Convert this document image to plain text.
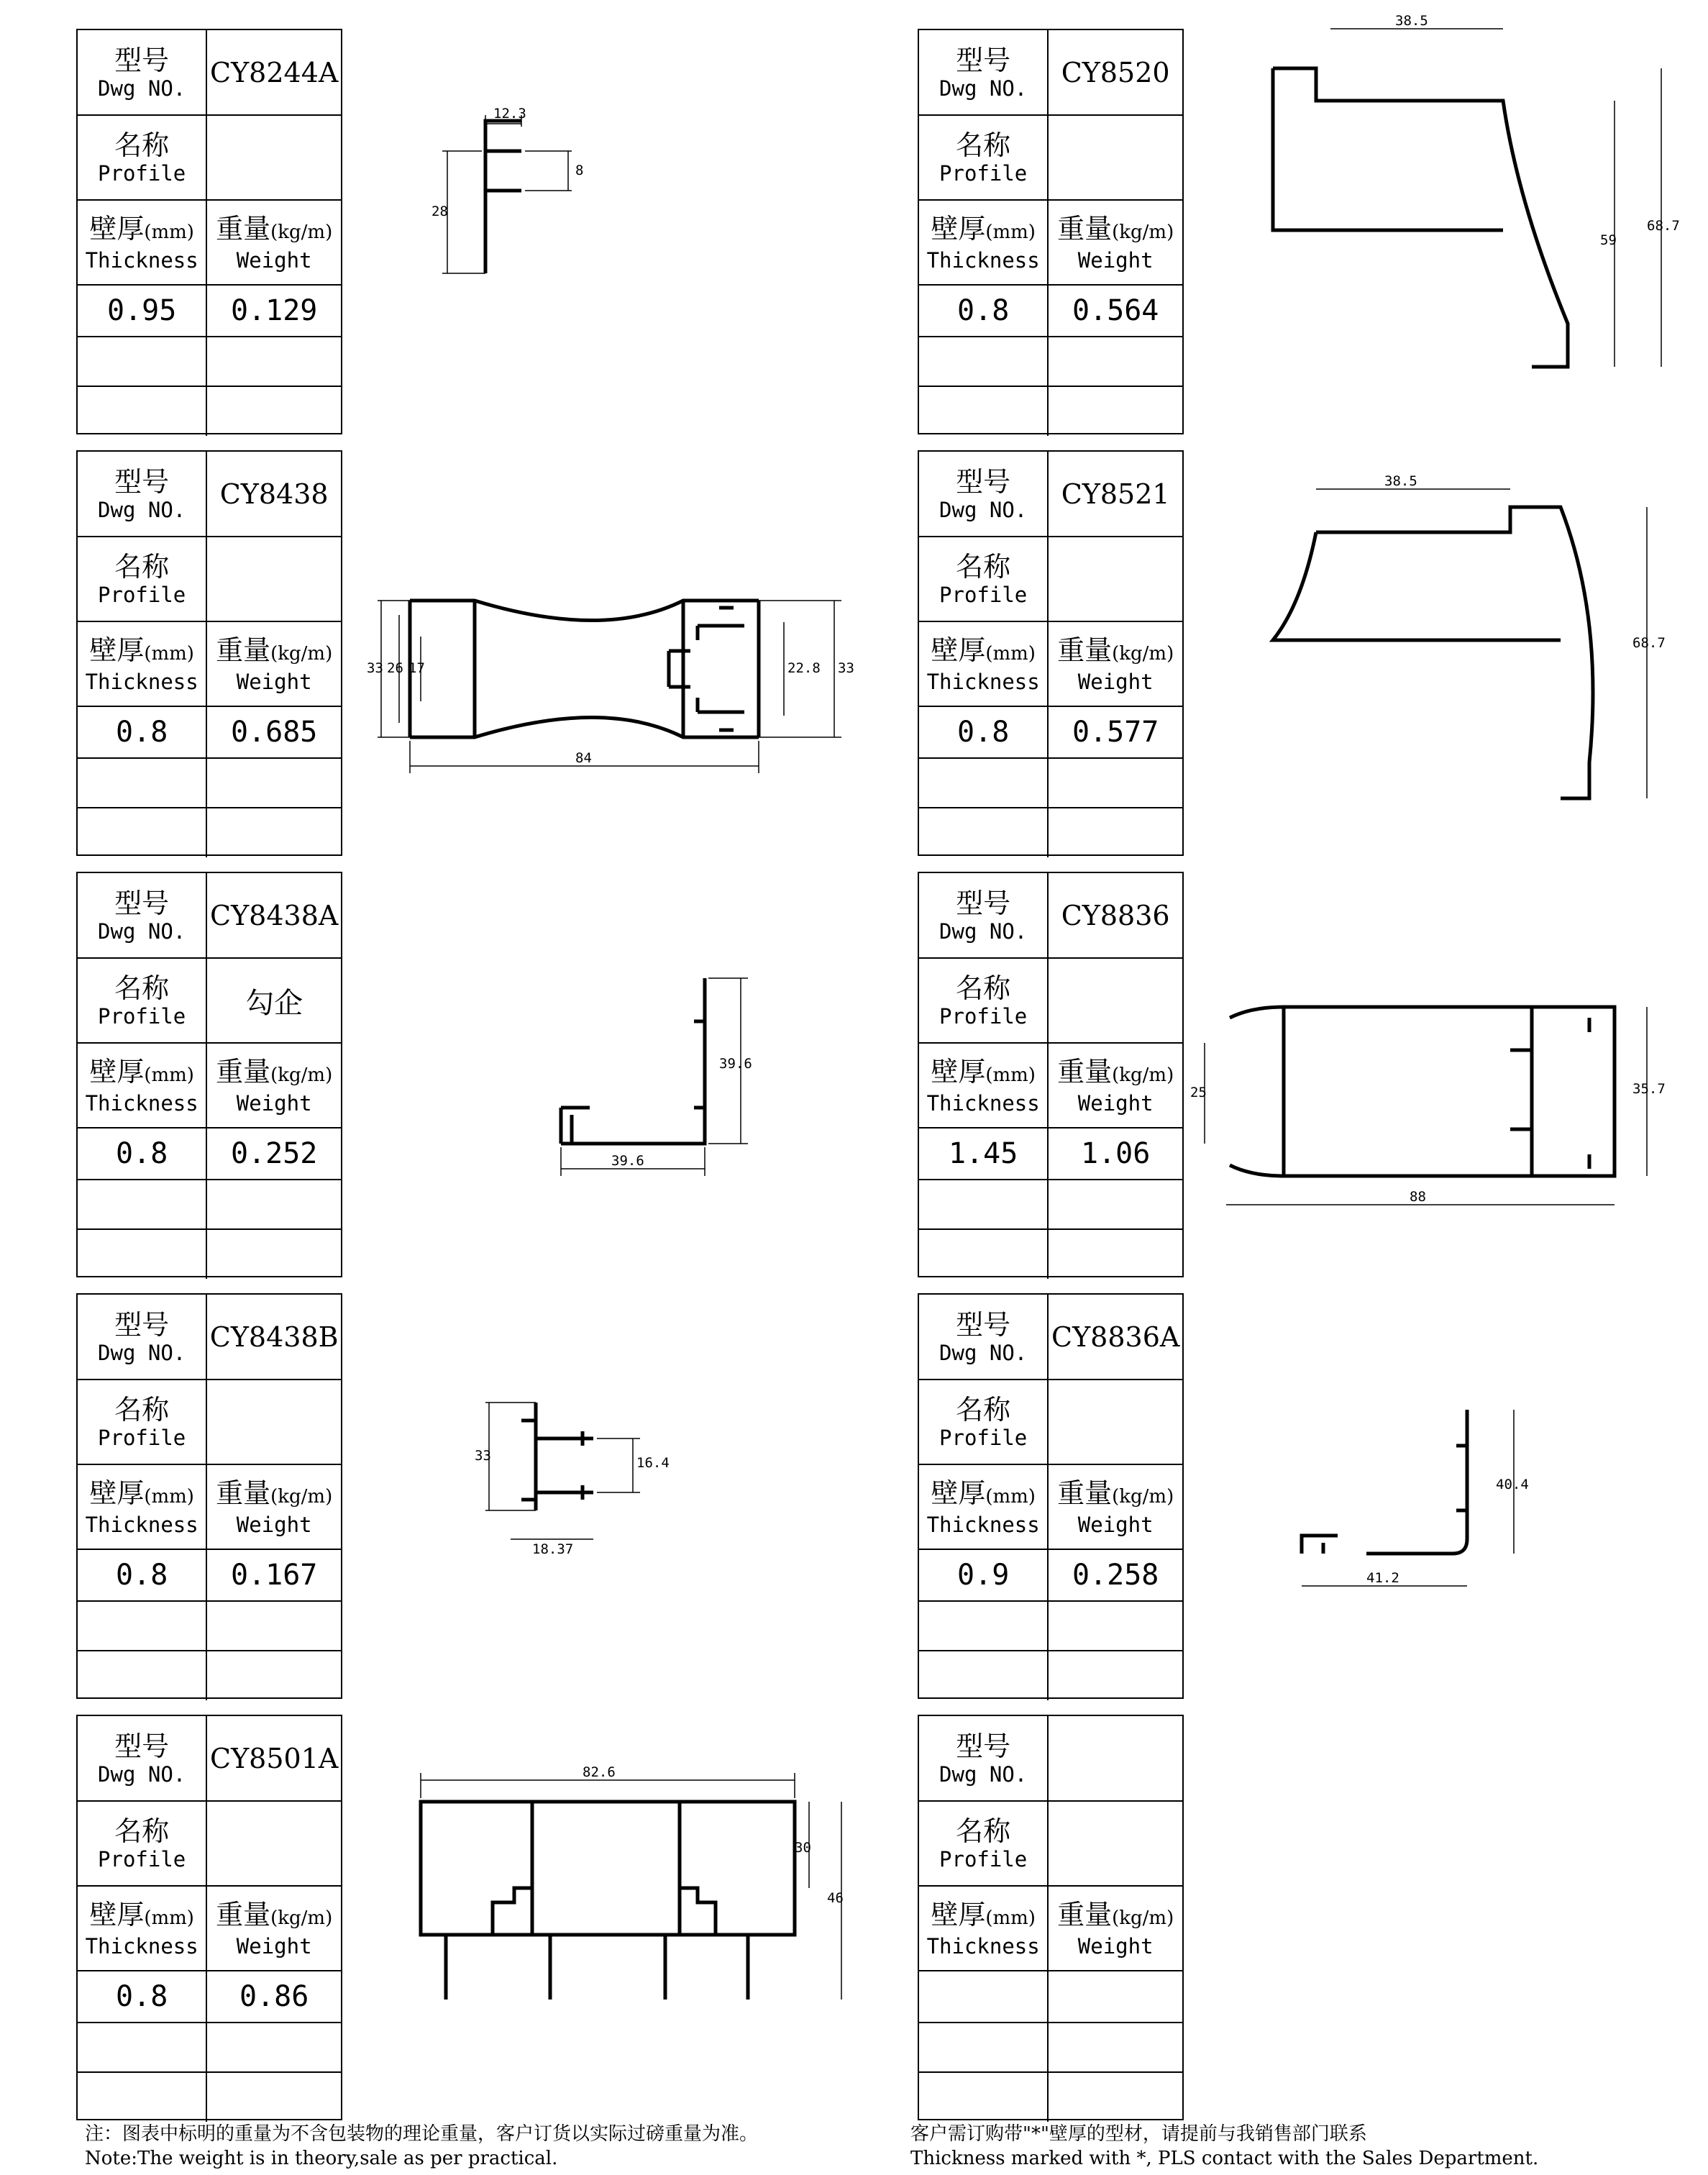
型号
Dwg NO.	CY8244A

名称
Profile	

壁厚(mm)
Thickness	重量(kg/m)
Weight

0.95	0.129

型号
Dwg NO.	CY8438

名称
Profile	

壁厚(mm)
Thickness	重量(kg/m)
Weight

0.8	0.685

型号
Dwg NO.	CY8438A

名称
Profile	勾企

壁厚(mm)
Thickness	重量(kg/m)
Weight

0.8	0.252

型号
Dwg NO.	CY8438B

名称
Profile	

壁厚(mm)
Thickness	重量(kg/m)
Weight

0.8	0.167

型号
Dwg NO.	CY8501A

名称
Profile	

壁厚(mm)
Thickness	重量(kg/m)
Weight

0.8	0.86

型号
Dwg NO.	CY8520

名称
Profile	

壁厚(mm)
Thickness	重量(kg/m)
Weight

0.8	0.564

型号
Dwg NO.	CY8521

名称
Profile	

壁厚(mm)
Thickness	重量(kg/m)
Weight

0.8	0.577

型号
Dwg NO.	CY8836

名称
Profile	

壁厚(mm)
Thickness	重量(kg/m)
Weight

1.45	1.06

型号
Dwg NO.	CY8836A

名称
Profile	

壁厚(mm)
Thickness	重量(kg/m)
Weight

0.9	0.258

型号
Dwg NO.	

名称
Profile	

壁厚(mm)
Thickness	重量(kg/m)
Weight

12.3
8
28
33 26 17	22.8 33
84
39.6
39.6
33	16.4
18.37
82.6
30
46
38.5
59
68.7
38.5
68.7
25	35.7
88
40.4
41.2
注：图表中标明的重量为不含包装物的理论重量，客户订货以实际过磅重量为准。
Note:The weight is in theory,sale as per practical.
客户需订购带"*"壁厚的型材，请提前与我销售部门联系
Thickness marked with *, PLS contact with the Sales Department.
